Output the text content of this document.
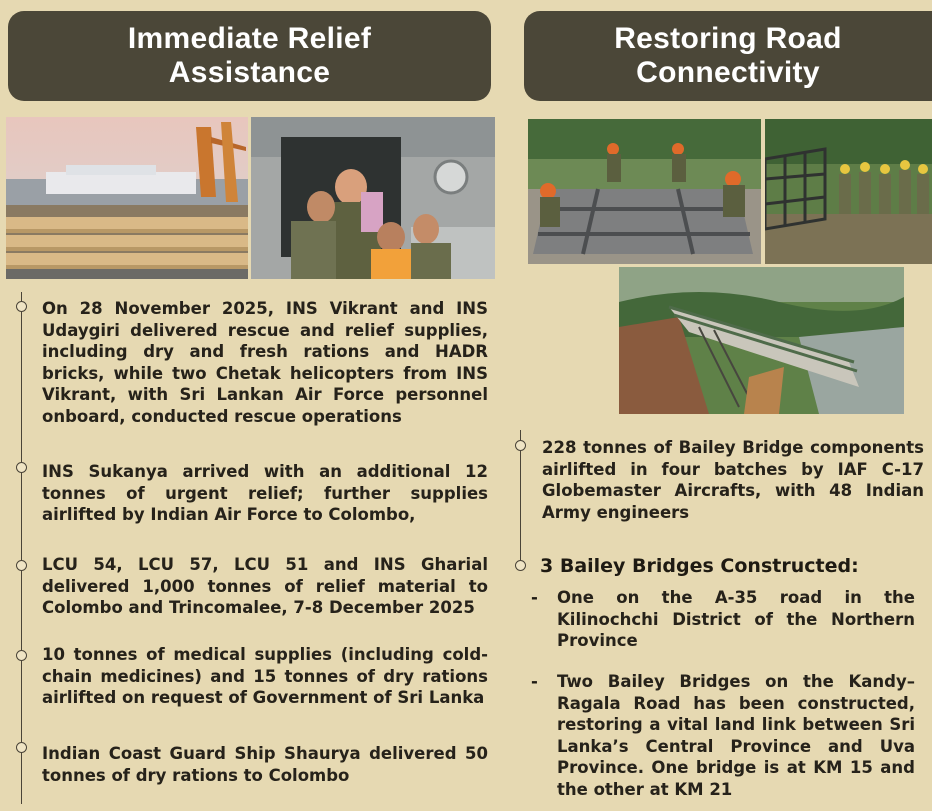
Immediate Relief
Assistance
Restoring Road
Connectivity
On 28 November 2025, INS Vikrant and INS Udaygiri delivered rescue and relief supplies, including dry and fresh rations and HADR bricks, while two Chetak helicopters from INS Vikrant, with Sri Lankan Air Force personnel onboard, conducted rescue operations
INS Sukanya arrived with an additional 12 tonnes of urgent relief; further supplies airlifted by Indian Air Force to Colombo,
LCU 54, LCU 57, LCU 51 and INS Gharial delivered 1,000 tonnes of relief material to Colombo and Trincomalee, 7-8 December 2025
10 tonnes of medical supplies (including cold-chain medicines) and 15 tonnes of dry rations airlifted on request of Government of Sri Lanka
Indian Coast Guard Ship Shaurya delivered 50 tonnes of dry rations to Colombo
228 tonnes of Bailey Bridge components airlifted in four batches by IAF C-17 Globemaster Aircrafts, with 48 Indian Army engineers
3 Bailey Bridges Constructed:
- One on the A-35 road in the Kilinochchi District of the Northern Province
- Two Bailey Bridges on the Kandy–Ragala Road has been constructed, restoring a vital land link between Sri Lanka’s Central Province and Uva Province. One bridge is at KM 15 and the other at KM 21
